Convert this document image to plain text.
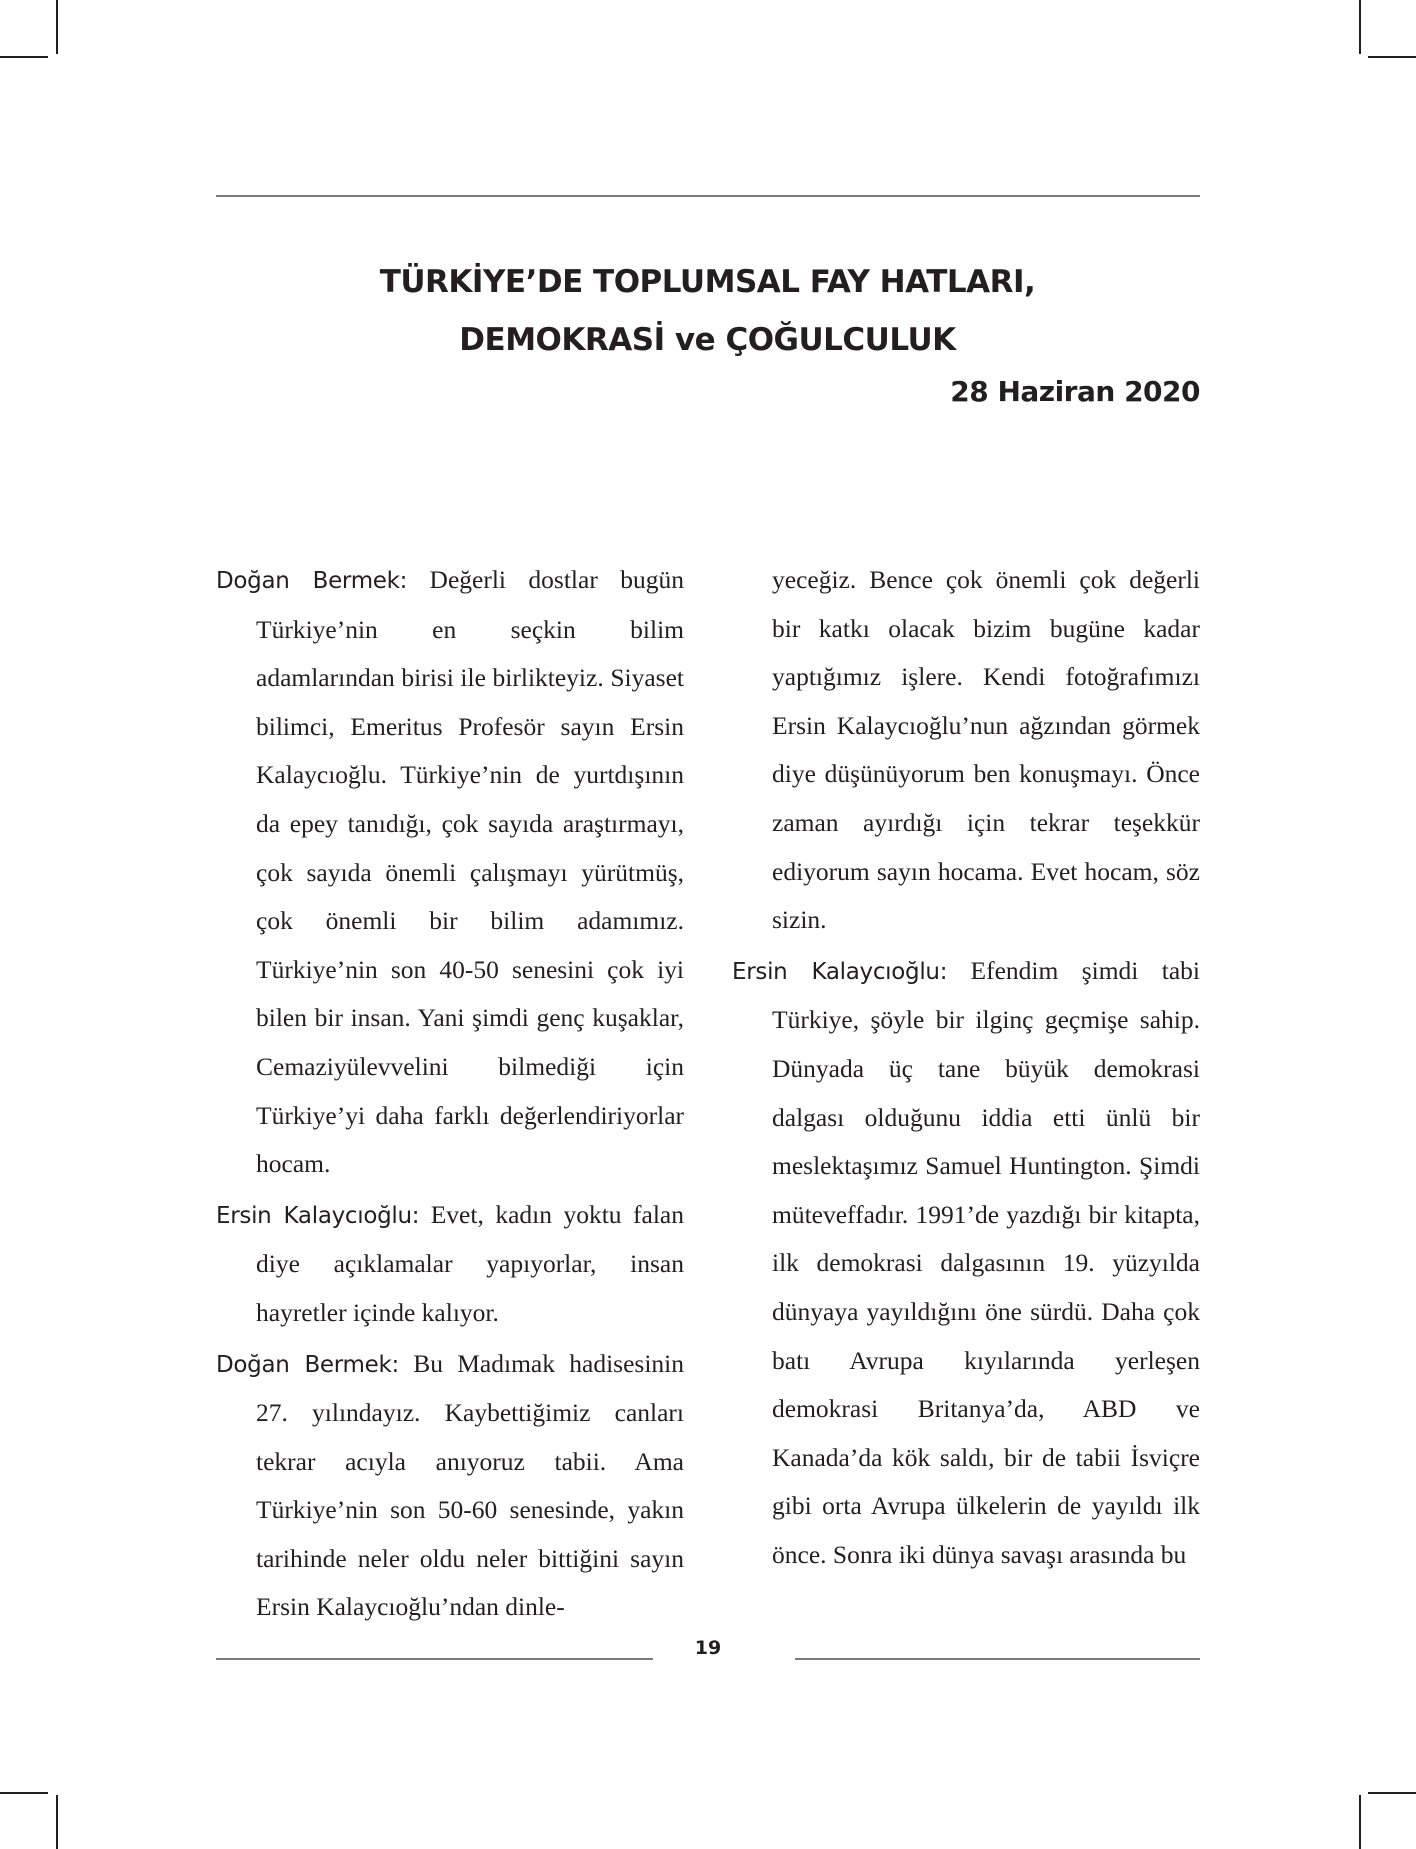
TÜRKİYE’DE TOPLUMSAL FAY HATLARI,
DEMOKRASİ ve ÇOĞULCULUK
28 Haziran 2020

Doğan Bermek: Değerli dostlar bugün Türkiye’nin en seçkin bilim adamlarından birisi ile birlikteyiz. Siyaset bilimci, Emeritus Profesör sayın Ersin Kalaycıoğlu. Türkiye’nin de yurtdışının da epey tanıdığı, çok sayıda araştırmayı, çok sayıda önemli çalışmayı yürütmüş, çok önemli bir bilim adamımız. Türkiye’nin son 40-50 senesini çok iyi bilen bir insan. Yani şimdi genç kuşaklar, Cemaziyülevvelini bilmediği için Türkiye’yi daha farklı değerlendiriyorlar hocam.

Ersin Kalaycıoğlu: Evet, kadın yoktu falan diye açıklamalar yapıyorlar, insan hayretler içinde kalıyor.

Doğan Bermek: Bu Madımak hadisesinin 27. yılındayız. Kaybettiğimiz canları tekrar acıyla anıyoruz tabii. Ama Türkiye’nin son 50-60 senesinde, yakın tarihinde neler oldu neler bittiğini sayın Ersin Kalaycıoğlu’ndan dinle-

yeceğiz. Bence çok önemli çok değerli bir katkı olacak bizim bugüne kadar yaptığımız işlere. Kendi fotoğrafımızı Ersin Kalaycıoğlu’nun ağzından görmek diye düşünüyorum ben konuşmayı. Önce zaman ayırdığı için tekrar teşekkür ediyorum sayın hocama. Evet hocam, söz sizin.

Ersin Kalaycıoğlu: Efendim şimdi tabi Türkiye, şöyle bir ilginç geçmişe sahip. Dünyada üç tane büyük demokrasi dalgası olduğunu iddia etti ünlü bir meslektaşımız Samuel Huntington. Şimdi müteveffadır. 1991’de yazdığı bir kitapta, ilk demokrasi dalgasının 19. yüzyılda dünyaya yayıldığını öne sürdü. Daha çok batı Avrupa kıyılarında yerleşen demokrasi Britanya’da, ABD ve Kanada’da kök saldı, bir de tabii İsviçre gibi orta Avrupa ülkelerin de yayıldı ilk önce. Sonra iki dünya savaşı arasında bu

19
